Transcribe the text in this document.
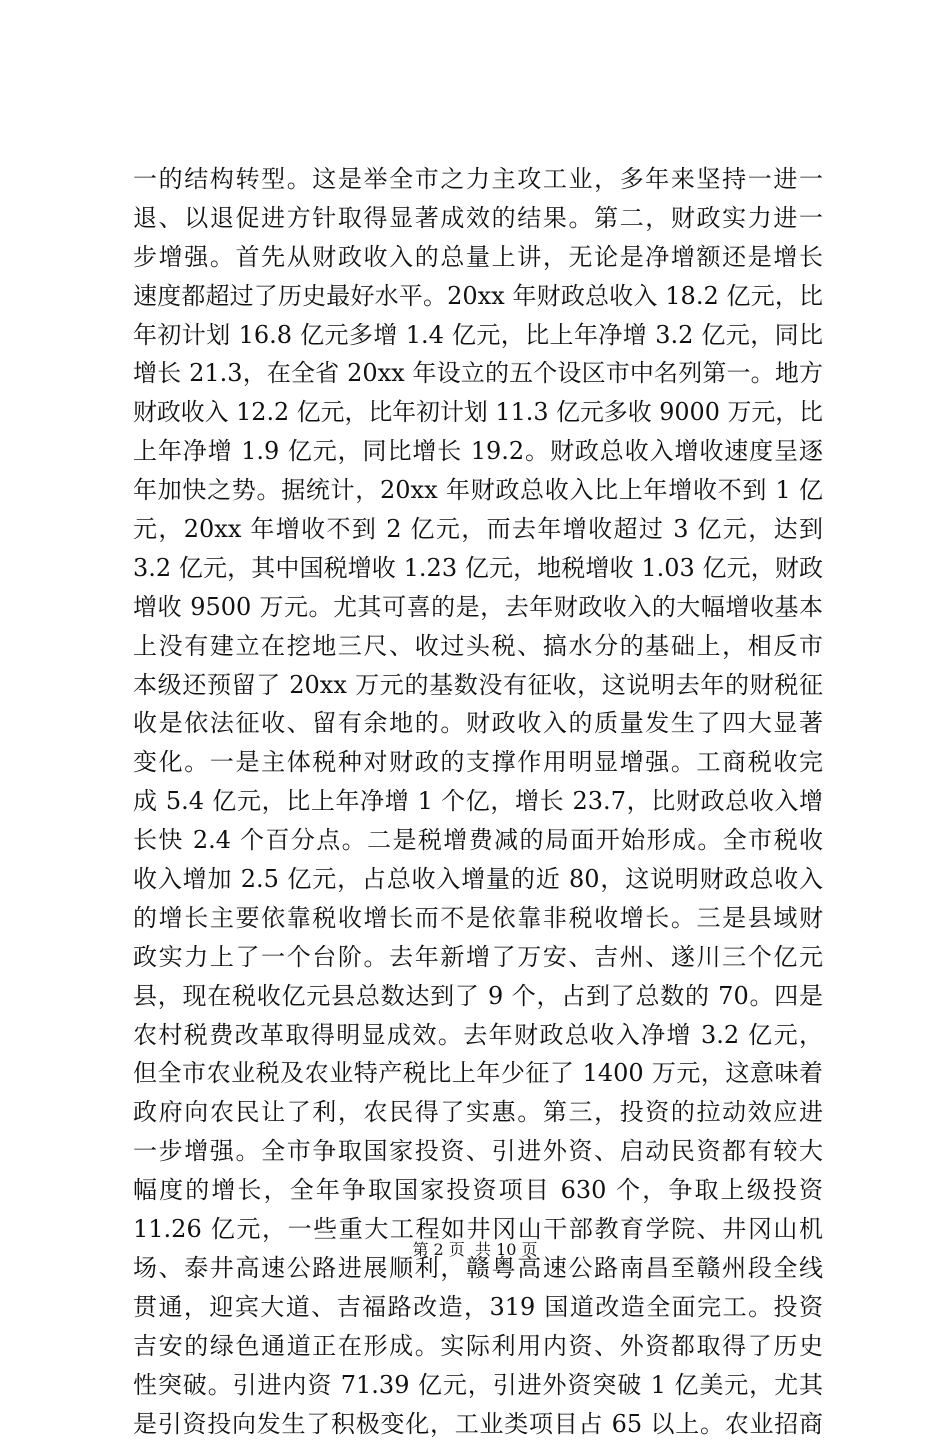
一的结构转型。这是举全市之力主攻工业，多年来坚持一进一
退、以退促进方针取得显著成效的结果。第二，财政实力进一
步增强。首先从财政收入的总量上讲，无论是净增额还是增长
速度都超过了历史最好水平。20xx 年财政总收入 18.2 亿元，比
年初计划 16.8 亿元多增 1.4 亿元，比上年净增 3.2 亿元，同比
增长 21.3，在全省 20xx 年设立的五个设区市中名列第一。地方
财政收入 12.2 亿元，比年初计划 11.3 亿元多收 9000 万元，比
上年净增 1.9 亿元，同比增长 19.2。财政总收入增收速度呈逐
年加快之势。据统计，20xx 年财政总收入比上年增收不到 1 亿
元，20xx 年增收不到 2 亿元，而去年增收超过 3 亿元，达到
3.2 亿元，其中国税增收 1.23 亿元，地税增收 1.03 亿元，财政
增收 9500 万元。尤其可喜的是，去年财政收入的大幅增收基本
上没有建立在挖地三尺、收过头税、搞水分的基础上，相反市
本级还预留了 20xx 万元的基数没有征收，这说明去年的财税征
收是依法征收、留有余地的。财政收入的质量发生了四大显著
变化。一是主体税种对财政的支撑作用明显增强。工商税收完
成 5.4 亿元，比上年净增 1 个亿，增长 23.7，比财政总收入增
长快 2.4 个百分点。二是税增费减的局面开始形成。全市税收
收入增加 2.5 亿元，占总收入增量的近 80，这说明财政总收入
的增长主要依靠税收增长而不是依靠非税收增长。三是县域财
政实力上了一个台阶。去年新增了万安、吉州、遂川三个亿元
县，现在税收亿元县总数达到了 9 个，占到了总数的 70。四是
农村税费改革取得明显成效。去年财政总收入净增 3.2 亿元，
但全市农业税及农业特产税比上年少征了 1400 万元，这意味着
政府向农民让了利，农民得了实惠。第三，投资的拉动效应进
一步增强。全市争取国家投资、引进外资、启动民资都有较大
幅度的增长，全年争取国家投资项目 630 个，争取上级投资
11.26 亿元，一些重大工程如井冈山干部教育学院、井冈山机
场、泰井高速公路进展顺利，赣粤高速公路南昌至赣州段全线
贯通，迎宾大道、吉福路改造，319 国道改造全面完工。投资
吉安的绿色通道正在形成。实际利用内资、外资都取得了历史
性突破。引进内资 71.39 亿元，引进外资突破 1 亿美元，尤其
是引资投向发生了积极变化，工业类项目占 65 以上。农业招商
第 2 页  共 10 页
